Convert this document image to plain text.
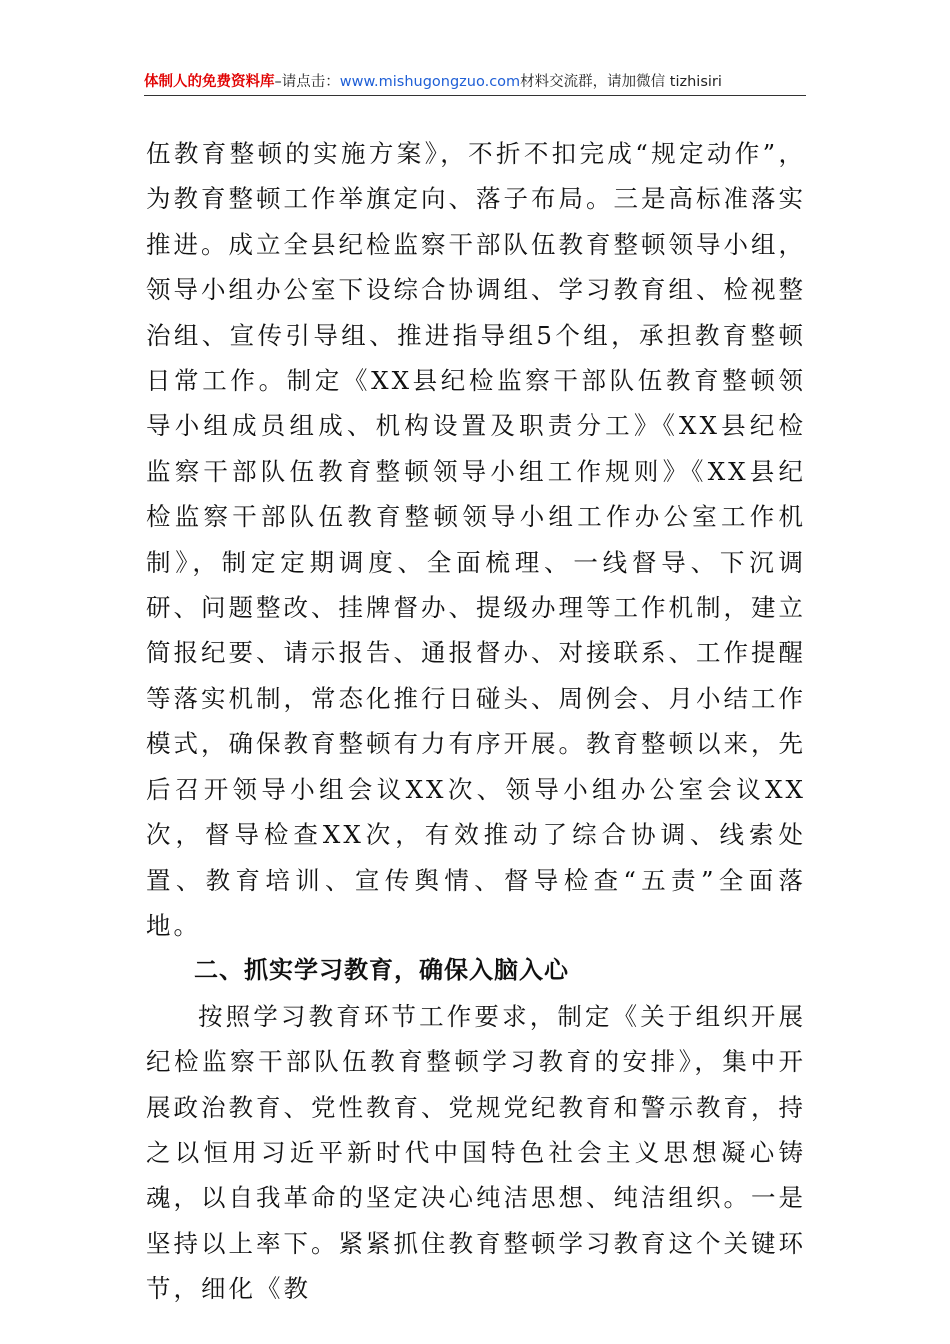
体制人的免费资料库–请点击：www.mishugongzuo.com材料交流群，请加微信 tizhisiri

伍教育整顿的实施方案》，不折不扣完成“规定动作”，为教育整顿工作举旗定向、落子布局。三是高标准落实推进。成立全县纪检监察干部队伍教育整顿领导小组，领导小组办公室下设综合协调组、学习教育组、检视整治组、宣传引导组、推进指导组5个组，承担教育整顿日常工作。制定《XX县纪检监察干部队伍教育整顿领导小组成员组成、机构设置及职责分工》《XX县纪检监察干部队伍教育整顿领导小组工作规则》《XX县纪检监察干部队伍教育整顿领导小组工作办公室工作机制》，制定定期调度、全面梳理、一线督导、下沉调研、问题整改、挂牌督办、提级办理等工作机制，建立简报纪要、请示报告、通报督办、对接联系、工作提醒等落实机制，常态化推行日碰头、周例会、月小结工作模式，确保教育整顿有力有序开展。教育整顿以来，先后召开领导小组会议XX次、领导小组办公室会议XX次，督导检查XX次，有效推动了综合协调、线索处置、教育培训、宣传舆情、督导检查“五责”全面落地。

二、抓实学习教育，确保入脑入心

按照学习教育环节工作要求，制定《关于组织开展纪检监察干部队伍教育整顿学习教育的安排》，集中开展政治教育、党性教育、党规党纪教育和警示教育，持之以恒用习近平新时代中国特色社会主义思想凝心铸魂，以自我革命的坚定决心纯洁思想、纯洁组织。一是坚持以上率下。紧紧抓住教育整顿学习教育这个关键环节，细化《教
